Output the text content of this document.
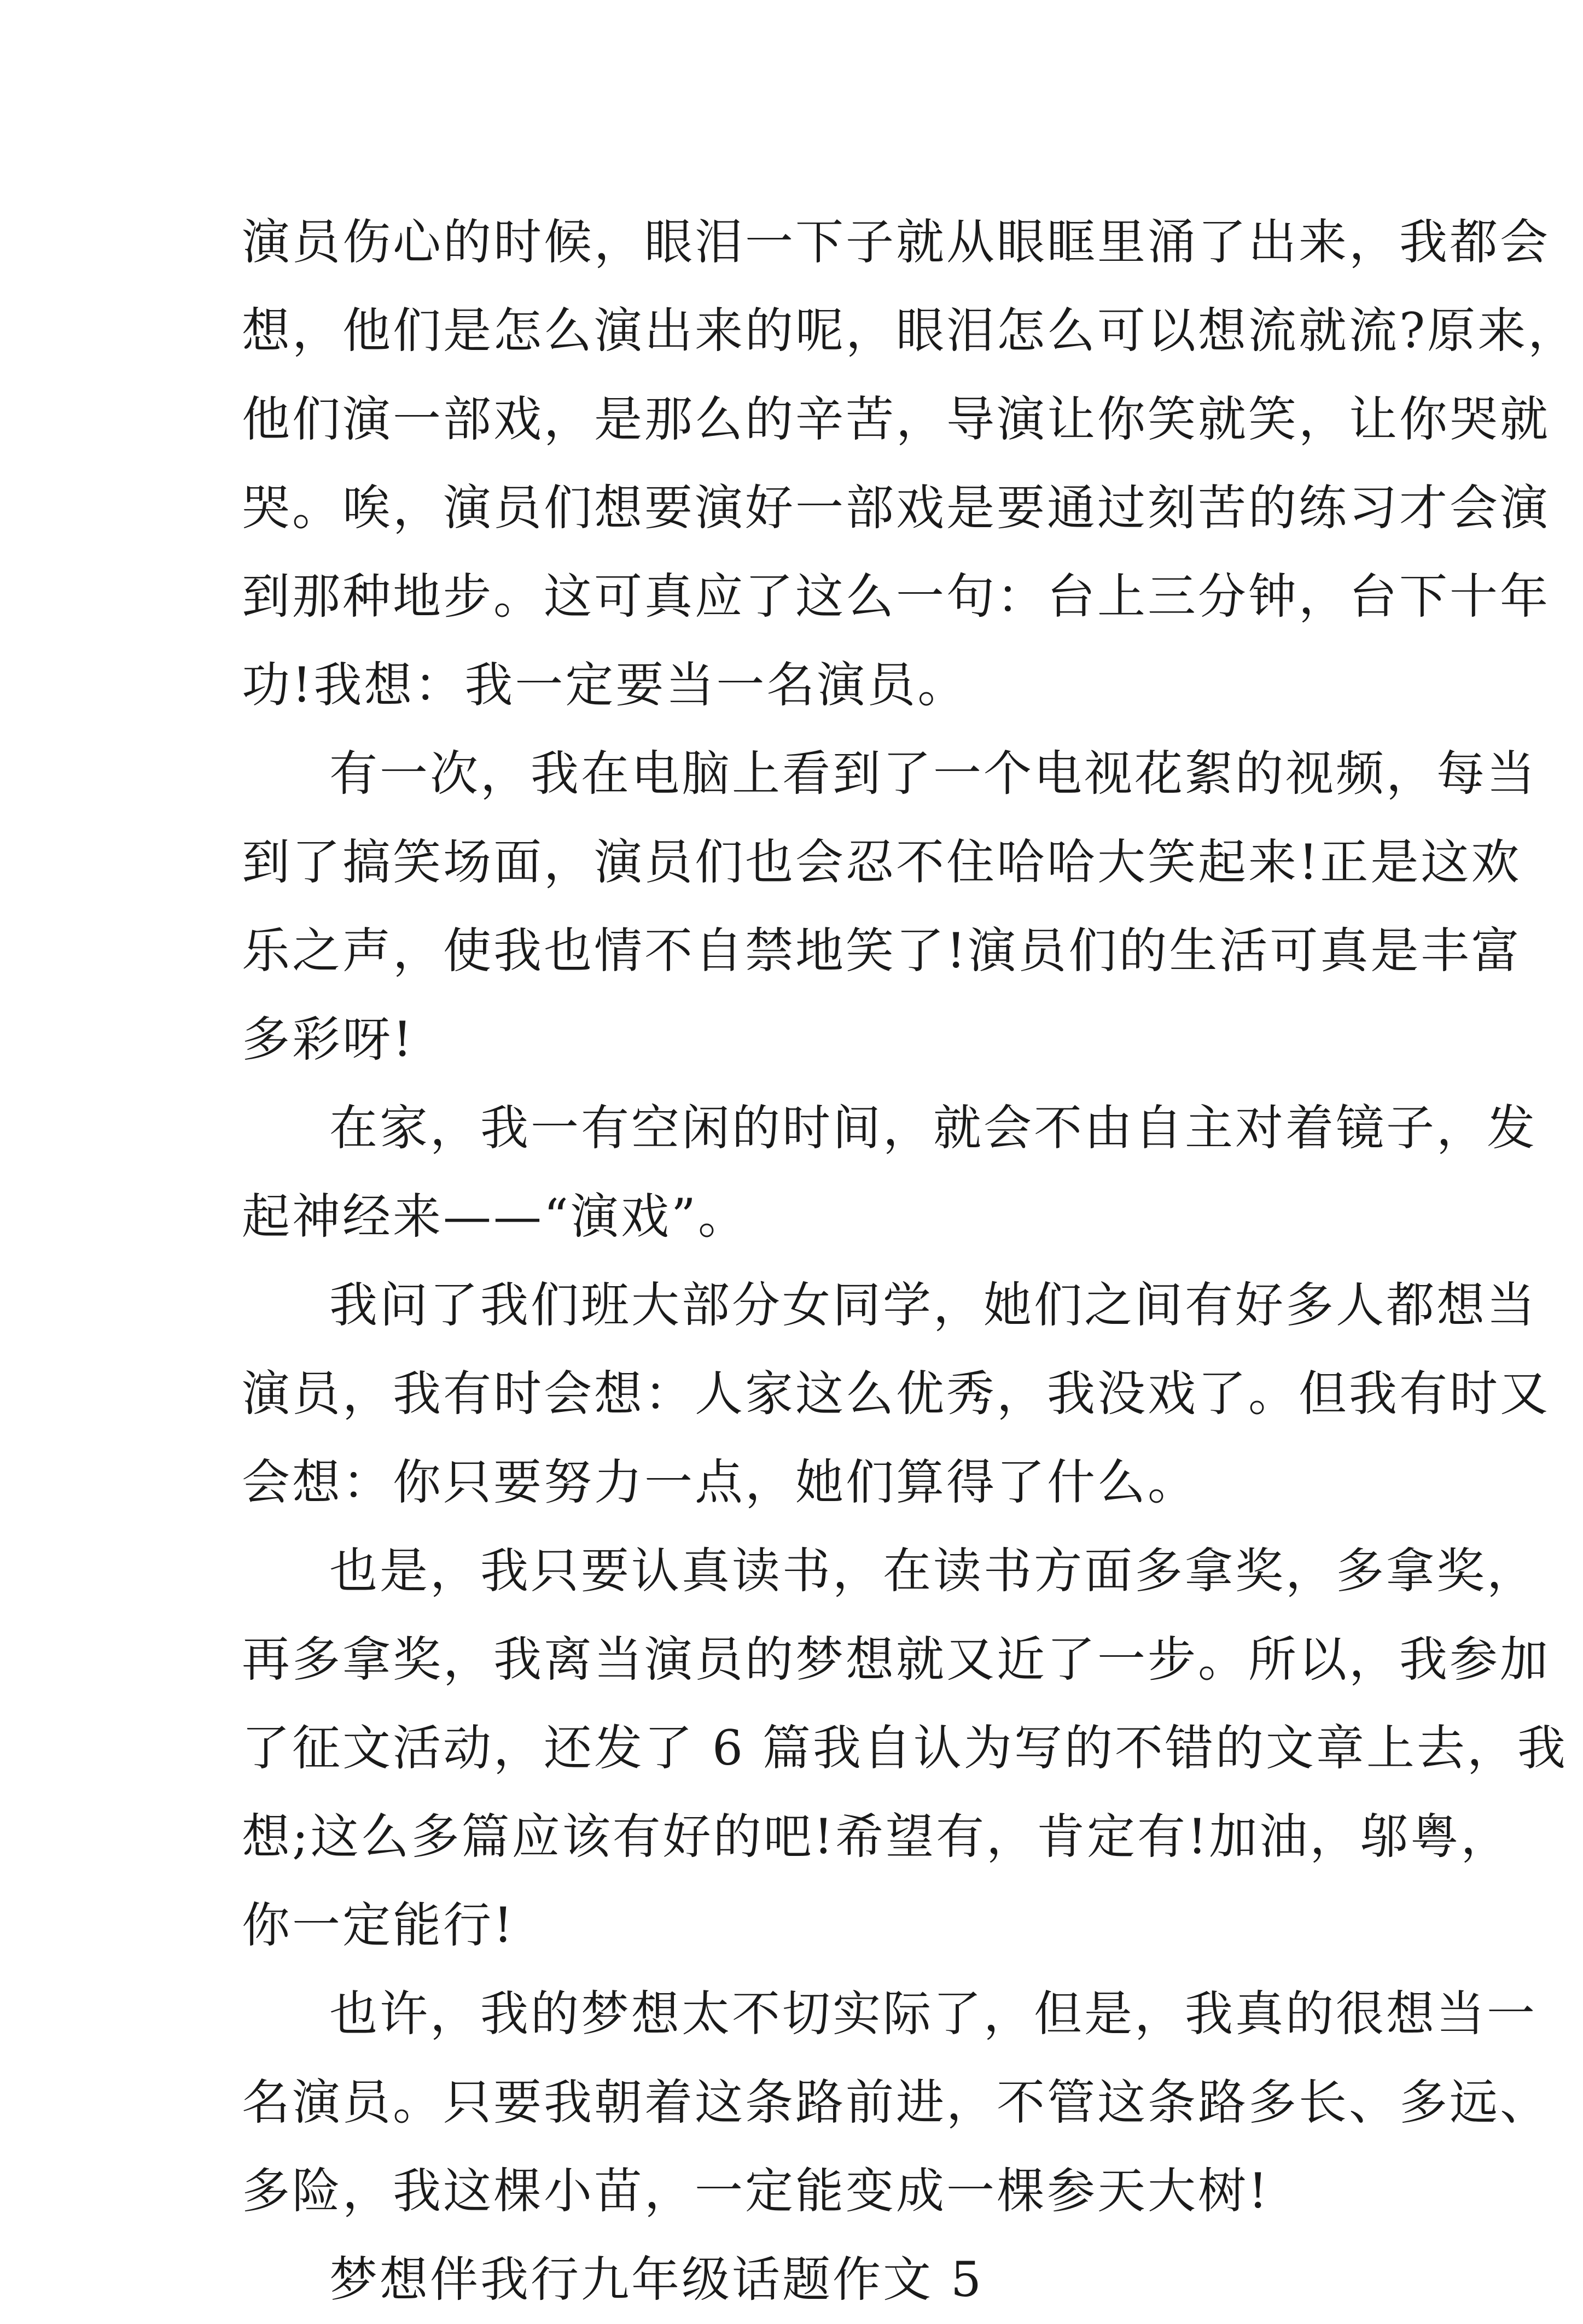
演员伤心的时候，眼泪一下子就从眼眶里涌了出来，我都会
想，他们是怎么演出来的呢，眼泪怎么可以想流就流?原来，
他们演一部戏，是那么的辛苦，导演让你笑就笑，让你哭就
哭。唉，演员们想要演好一部戏是要通过刻苦的练习才会演
到那种地步。这可真应了这么一句：台上三分钟，台下十年
功!我想：我一定要当一名演员。
有一次，我在电脑上看到了一个电视花絮的视频，每当
到了搞笑场面，演员们也会忍不住哈哈大笑起来!正是这欢
乐之声，使我也情不自禁地笑了!演员们的生活可真是丰富
多彩呀!
在家，我一有空闲的时间，就会不由自主对着镜子，发
起神经来——“演戏”。
我问了我们班大部分女同学，她们之间有好多人都想当
演员，我有时会想：人家这么优秀，我没戏了。但我有时又
会想：你只要努力一点，她们算得了什么。
也是，我只要认真读书，在读书方面多拿奖，多拿奖，
再多拿奖，我离当演员的梦想就又近了一步。所以，我参加
了征文活动，还发了 6 篇我自认为写的不错的文章上去，我
想;这么多篇应该有好的吧!希望有，肯定有!加油，邬粤，
你一定能行!
也许，我的梦想太不切实际了，但是，我真的很想当一
名演员。只要我朝着这条路前进，不管这条路多长、多远、
多险，我这棵小苗，一定能变成一棵参天大树!
梦想伴我行九年级话题作文 5
